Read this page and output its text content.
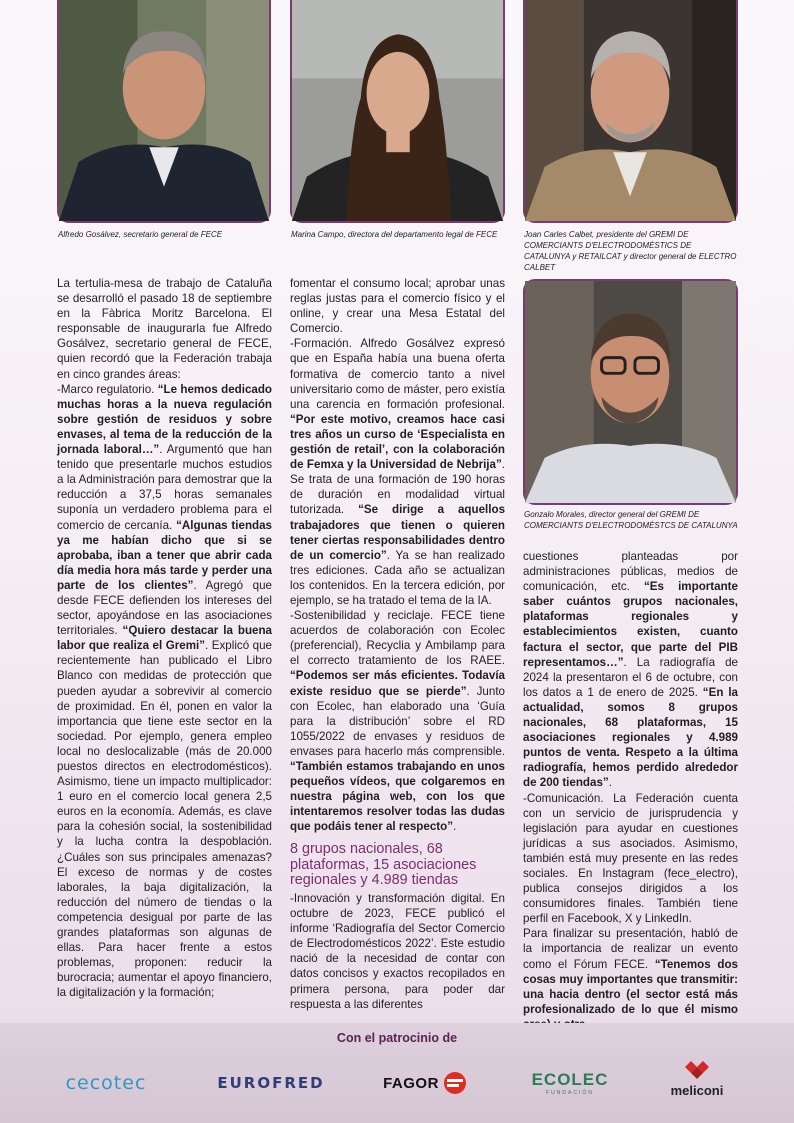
Alfredo Gosálvez, secretario general de FECE	Marina Campo, directora del departamento legal de FECE	Joan Carles Calbet, presidente del GREMI DE COMERCIANTS D'ELECTRODOMÈSTICS DE CATALUNYA y RETAILCAT y director general de ELECTRO CALBET
Gonzalo Morales, director general del GREMI DE COMERCIANTS D'ELECTRODOMÈSTCS DE CATALUNYA

La tertulia-mesa de trabajo de Cataluña se desarrolló el pasado 18 de septiembre en la Fàbrica Moritz Barcelona. El responsable de inaugurarla fue Alfredo Gosálvez, secretario general de FECE, quien recordó que la Federación trabaja en cinco grandes áreas:

-Marco regulatorio. “Le hemos dedicado muchas horas a la nueva regulación sobre gestión de residuos y sobre envases, al tema de la reducción de la jornada laboral…”. Argumentó que han tenido que presentarle muchos estudios a la Administración para demostrar que la reducción a 37,5 horas semanales suponía un verdadero problema para el comercio de cercanía. “Algunas tiendas ya me habían dicho que si se aprobaba, iban a tener que abrir cada día media hora más tarde y perder una parte de los clientes”. Agregó que desde FECE defienden los intereses del sector, apoyándose en las asociaciones territoriales. “Quiero destacar la buena labor que realiza el Gremi”. Explicó que recientemente han publicado el Libro Blanco con medidas de protección que pueden ayudar a sobrevivir al comercio de proximidad. En él, ponen en valor la importancia que tiene este sector en la sociedad. Por ejemplo, genera empleo local no deslocalizable (más de 20.000 puestos directos en electrodomésticos). Asimismo, tiene un impacto multiplicador: 1 euro en el comercio local genera 2,5 euros en la economía. Además, es clave para la cohesión social, la sostenibilidad y la lucha contra la despoblación. ¿Cuáles son sus principales amenazas? El exceso de normas y de costes laborales, la baja digitalización, la reducción del número de tiendas o la competencia desigual por parte de las grandes plataformas son algunas de ellas. Para hacer frente a estos problemas, proponen: reducir la burocracia; aumentar el apoyo financiero, la digitalización y la formación;

fomentar el consumo local; aprobar unas reglas justas para el comercio físico y el online, y crear una Mesa Estatal del Comercio.

-Formación. Alfredo Gosálvez expresó que en España había una buena oferta formativa de comercio tanto a nivel universitario como de máster, pero existía una carencia en formación profesional. “Por este motivo, creamos hace casi tres años un curso de ‘Especialista en gestión de retail’, con la colaboración de Femxa y la Universidad de Nebrija”. Se trata de una formación de 190 horas de duración en modalidad virtual tutorizada. “Se dirige a aquellos trabajadores que tienen o quieren tener ciertas responsabilidades dentro de un comercio”. Ya se han realizado tres ediciones. Cada año se actualizan los contenidos. En la tercera edición, por ejemplo, se ha tratado el tema de la IA.

-Sostenibilidad y reciclaje. FECE tiene acuerdos de colaboración con Ecolec (preferencial), Recyclia y Ambilamp para el correcto tratamiento de los RAEE. “Podemos ser más eficientes. Todavía existe residuo que se pierde”. Junto con Ecolec, han elaborado una ‘Guía para la distribución’ sobre el RD 1055/2022 de envases y residuos de envases para hacerlo más comprensible. “También estamos trabajando en unos pequeños vídeos, que colgaremos en nuestra página web, con los que intentaremos resolver todas las dudas que podáis tener al respecto”.

8 grupos nacionales, 68 plataformas, 15 asociaciones regionales y 4.989 tiendas

-Innovación y transformación digital. En octubre de 2023, FECE publicó el informe ‘Radiografía del Sector Comercio de Electrodomésticos 2022’. Este estudio nació de la necesidad de contar con datos concisos y exactos recopilados en primera persona, para poder dar respuesta a las diferentes

cuestiones planteadas por administraciones públicas, medios de comunicación, etc. “Es importante saber cuántos grupos nacionales, plataformas regionales y establecimientos existen, cuanto factura el sector, que parte del PIB representamos…”. La radiografía de 2024 la presentaron el 6 de octubre, con los datos a 1 de enero de 2025. “En la actualidad, somos 8 grupos nacionales, 68 plataformas, 15 asociaciones regionales y 4.989 puntos de venta. Respeto a la última radiografía, hemos perdido alrededor de 200 tiendas”.

-Comunicación. La Federación cuenta con un servicio de jurisprudencia y legislación para ayudar en cuestiones jurídicas a sus asociados. Asimismo, también está muy presente en las redes sociales. En Instagram (fece_electro), publica consejos dirigidos a los consumidores finales. También tiene perfil en Facebook, X y LinkedIn.

Para finalizar su presentación, habló de la importancia de realizar un evento como el Fórum FECE. “Tenemos dos cosas muy importantes que transmitir: una hacia dentro (el sector está más profesionalizado de lo que él mismo

Con el patrocinio de
cecotec	EUROFRED	FAGOR	ECOLEC
FUNDACIÓN	meliconi
